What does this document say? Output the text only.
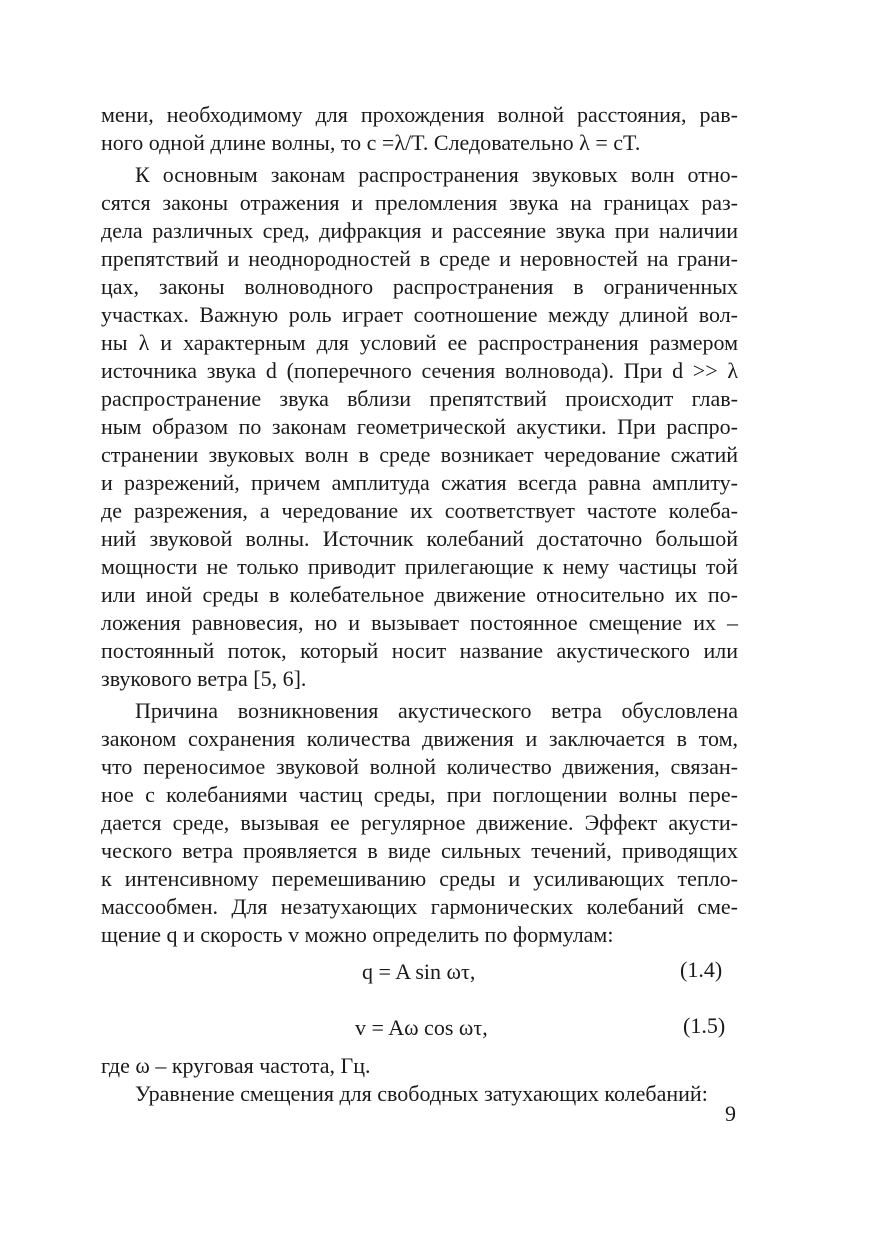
мени, необходимому для прохождения волной расстояния, рав-
ного одной длине волны, то c =λ/T. Следовательно λ = cT.
К основным законам распространения звуковых волн отно-
сятся законы отражения и преломления звука на границах раз-
дела различных сред, дифракция и рассеяние звука при наличии
препятствий и неоднородностей в среде и неровностей на грани-
цах, законы волноводного распространения в ограниченных
участках. Важную роль играет соотношение между длиной вол-
ны λ и характерным для условий ее распространения размером
источника звука d (поперечного сечения волновода). При d >> λ
распространение звука вблизи препятствий происходит глав-
ным образом по законам геометрической акустики. При распро-
странении звуковых волн в среде возникает чередование сжатий
и разрежений, причем амплитуда сжатия всегда равна амплиту-
де разрежения, а чередование их соответствует частоте колеба-
ний звуковой волны. Источник колебаний достаточно большой
мощности не только приводит прилегающие к нему частицы той
или иной среды в колебательное движение относительно их по-
ложения равновесия, но и вызывает постоянное смещение их –
постоянный поток, который носит название акустического или
звукового ветра [5, 6].
Причина возникновения акустического ветра обусловлена
законом сохранения количества движения и заключается в том,
что переносимое звуковой волной количество движения, связан-
ное с колебаниями частиц среды, при поглощении волны пере-
дается среде, вызывая ее регулярное движение. Эффект акусти-
ческого ветра проявляется в виде сильных течений, приводящих
к интенсивному перемешиванию среды и усиливающих тепло-
массообмен. Для незатухающих гармонических колебаний сме-
щение q и скорость v можно определить по формулам:
q = A sin ωτ,	(1.4)
v = Aω cos ωτ,	(1.5)
где ω – круговая частота, Гц.
Уравнение смещения для свободных затухающих колебаний:
9
